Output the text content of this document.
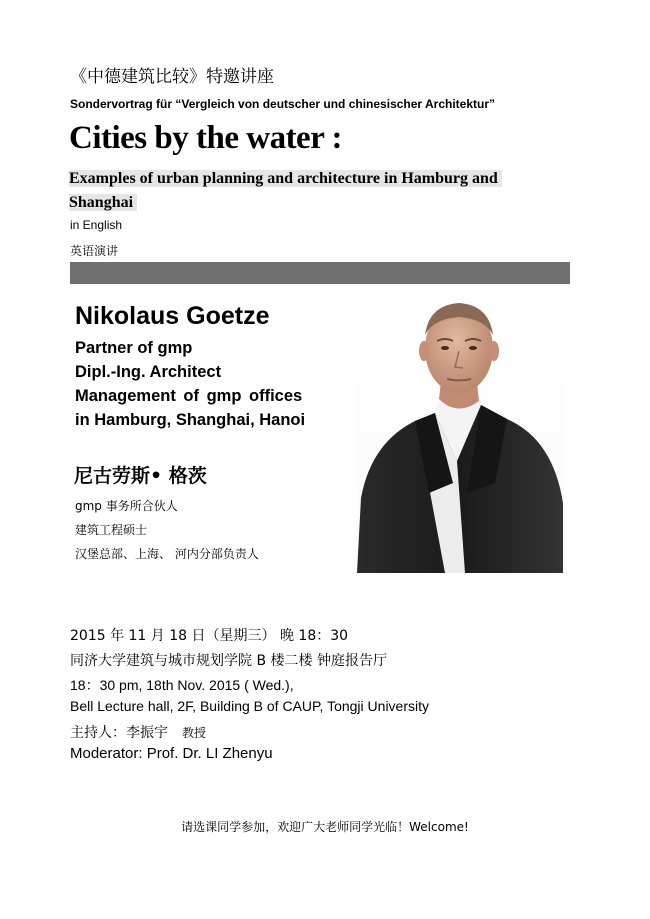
《中德建筑比较》特邀讲座
Sondervortrag für “Vergleich von deutscher und chinesischer Architektur”
Cities by the water :
Examples of urban planning and architecture in Hamburg and Shanghai
in English
英语演讲
Nikolaus Goetze
Partner of gmp
Dipl.-Ing. Architect
Management of gmp offices
in Hamburg, Shanghai, Hanoi
尼古劳斯• 格茨
gmp 事务所合伙人
建筑工程硕士
汉堡总部、上海、 河内分部负责人
2015 年 11 月 18 日（星期三） 晚 18：30
同济大学建筑与城市规划学院 B 楼二楼 钟庭报告厅
18：30 pm, 18th Nov. 2015 ( Wed.),
Bell Lecture hall, 2F, Building B of CAUP, Tongji University
主持人：李振宇 教授
Moderator: Prof. Dr. LI Zhenyu
请选课同学参加，欢迎广大老师同学光临！Welcome!
